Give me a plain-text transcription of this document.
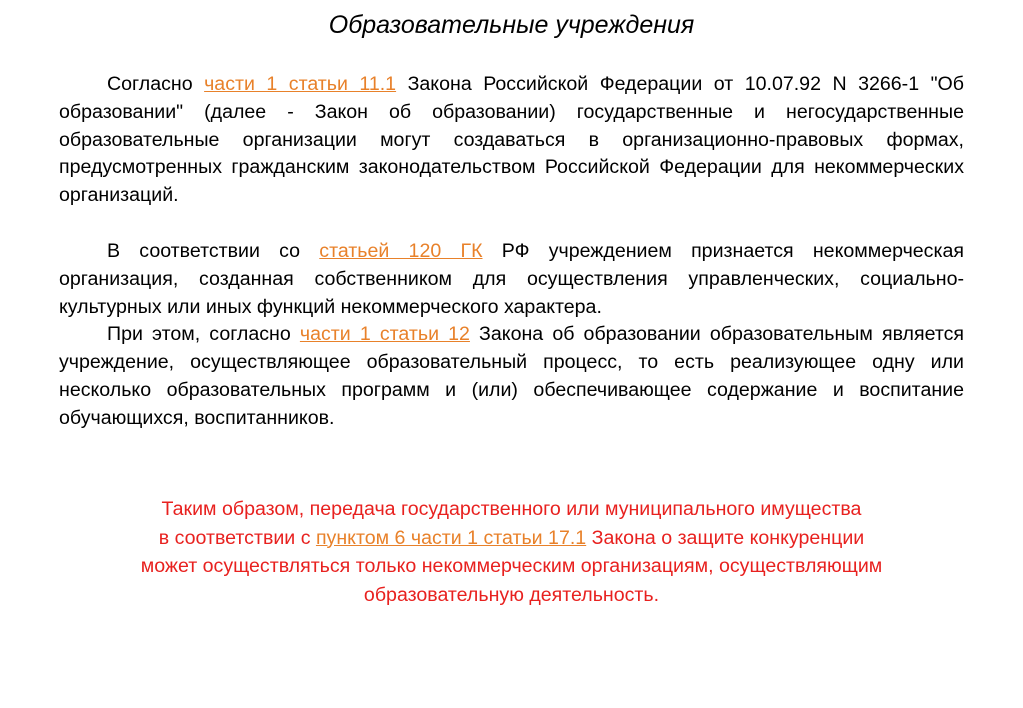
Образовательные учреждения

Согласно части 1 статьи 11.1 Закона Российской Федерации от 10.07.92 N 3266-1 "Об образовании" (далее - Закон об образовании) государственные и негосударственные образовательные организации могут создаваться в организационно-правовых формах, предусмотренных гражданским законодательством Российской Федерации для некоммерческих организаций.

В соответствии со статьей 120 ГК РФ учреждением признается некоммерческая организация, созданная собственником для осуществления управленческих, социально-культурных или иных функций некоммерческого характера.

При этом, согласно части 1 статьи 12 Закона об образовании образовательным является учреждение, осуществляющее образовательный процесс, то есть реализующее одну или несколько образовательных программ и (или) обеспечивающее содержание и воспитание обучающихся, воспитанников.

Таким образом, передача государственного или муниципального имущества
в соответствии с пунктом 6 части 1 статьи 17.1 Закона о защите конкуренции
может осуществляться только некоммерческим организациям, осуществляющим
образовательную деятельность.
